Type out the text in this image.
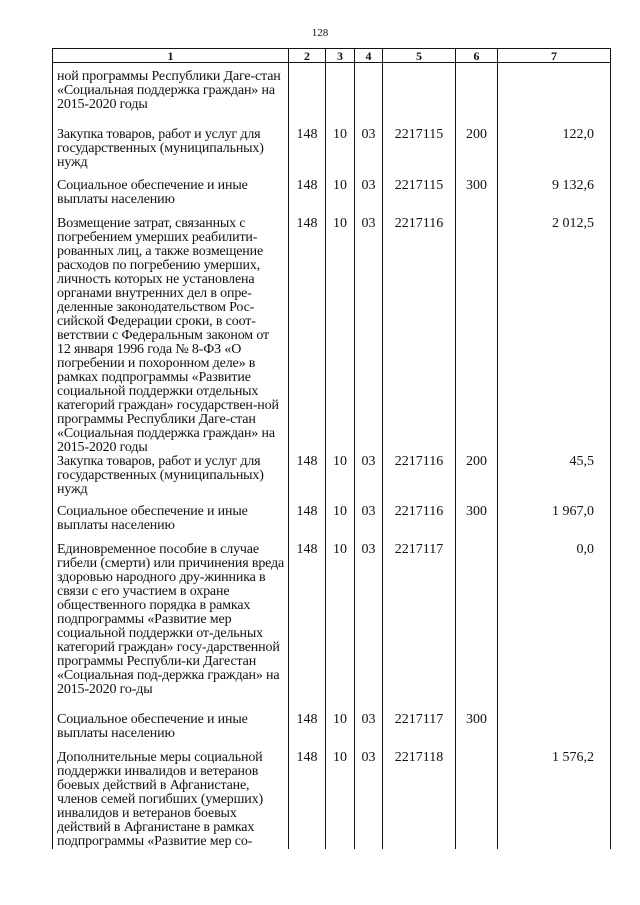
128
1	2	3	4	5	6	7
ной программы Республики Даге-стан «Социальная поддержка граждан» на 2015-2020 годы						
Закупка товаров, работ и услуг для государственных (муниципальных) нужд	148	10	03	2217115	200	122,0
Социальное обеспечение и иные выплаты населению	148	10	03	2217115	300	9 132,6
Возмещение затрат, связанных с погребением умерших реабилити-рованных лиц, а также возмещение расходов по погребению умерших, личность которых не установлена органами внутренних дел в опре-деленные законодательством Рос-сийской Федерации сроки, в соот-ветствии с Федеральным законом от 12 января 1996 года № 8-ФЗ «О погребении и похоронном деле» в рамках подпрограммы «Развитие социальной поддержки отдельных категорий граждан» государствен-ной программы Республики Даге-стан «Социальная поддержка граждан» на 2015-2020 годы	148	10	03	2217116		2 012,5
Закупка товаров, работ и услуг для государственных (муниципальных) нужд	148	10	03	2217116	200	45,5
Социальное обеспечение и иные выплаты населению	148	10	03	2217116	300	1 967,0
Единовременное пособие в случае гибели (смерти) или причинения вреда здоровью народного дру-жинника в связи с его участием в охране общественного порядка в рамках подпрограммы «Развитие мер социальной поддержки от-дельных категорий граждан» госу-дарственной программы Республи-ки Дагестан «Социальная под-держка граждан» на 2015-2020 го-ды	148	10	03	2217117		0,0
Социальное обеспечение и иные выплаты населению	148	10	03	2217117	300	
Дополнительные меры социальной поддержки инвалидов и ветеранов боевых действий в Афганистане, членов семей погибших (умерших) инвалидов и ветеранов боевых действий в Афганистане в рамках подпрограммы «Развитие мер со-	148	10	03	2217118		1 576,2
